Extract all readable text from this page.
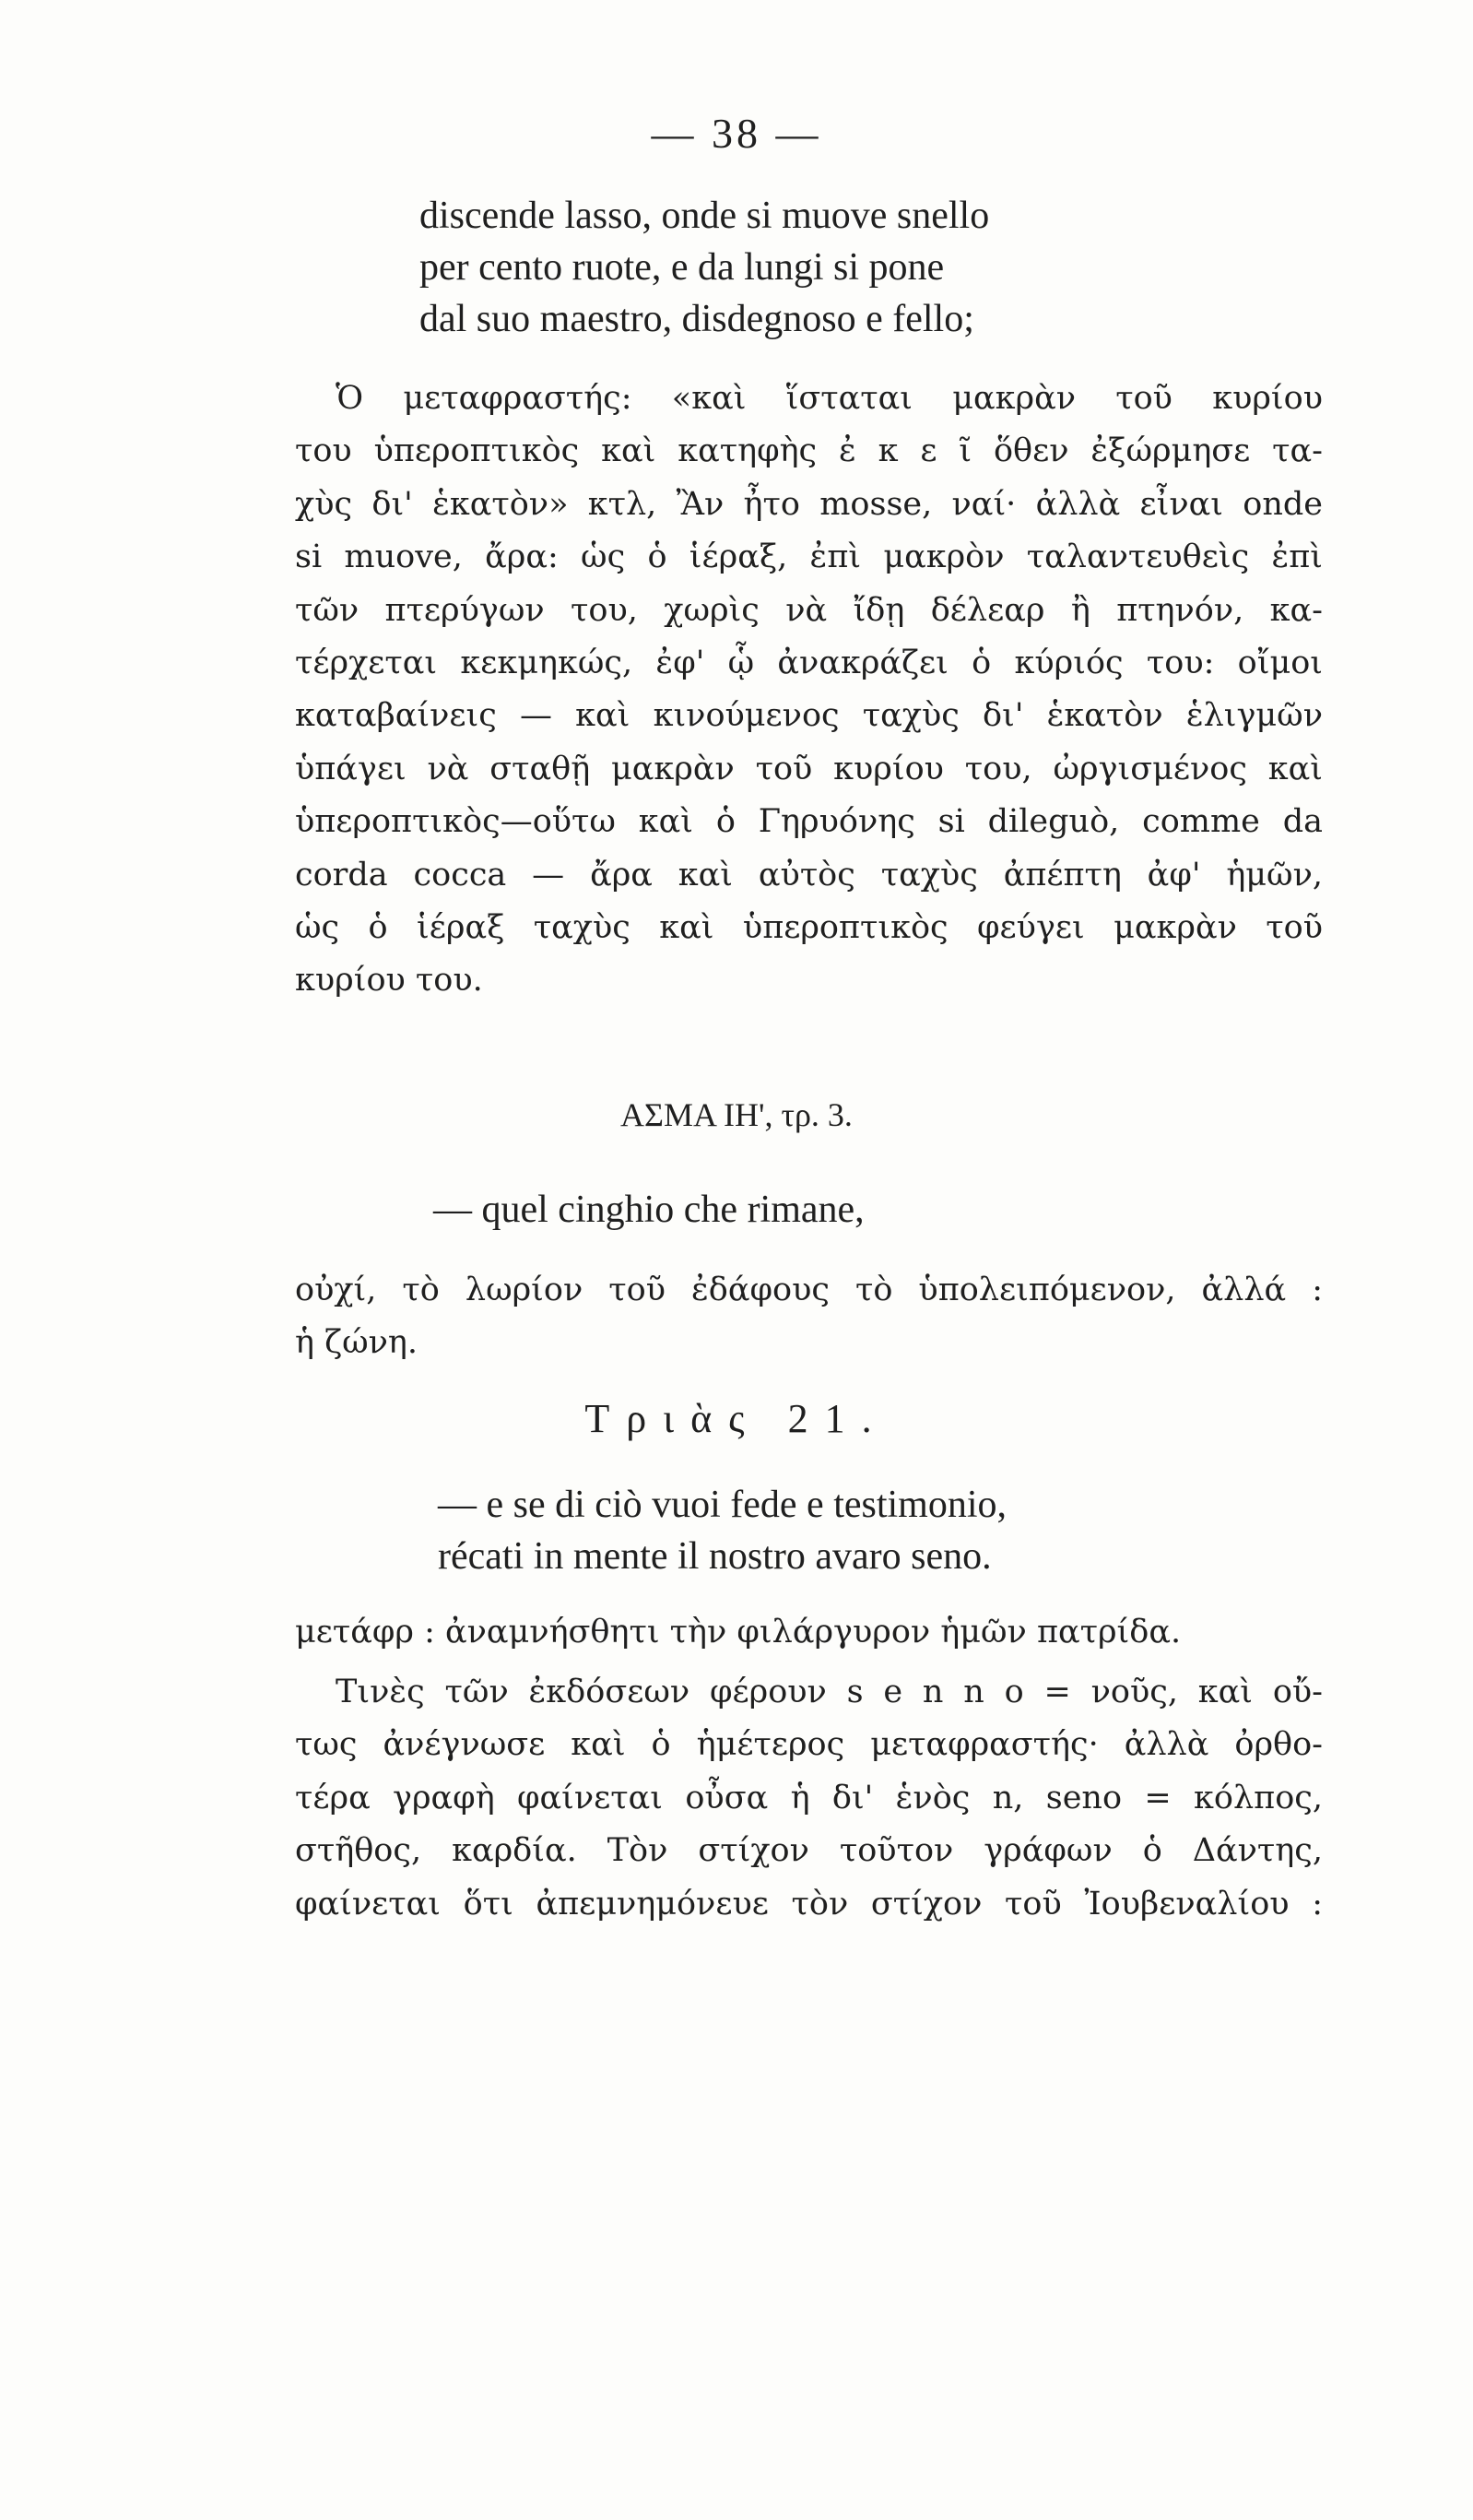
— 38 —
discende lasso, onde si muove snello
per cento ruote, e da lungi si pone
dal suo maestro, disdegnoso e fello;
Ὁ μεταφραστής: «καὶ ἵσταται μακρὰν τοῦ κυρίου
του ὑπεροπτικὸς καὶ κατηφὴς ἐ κ ε ῖ ὅθεν ἐξώρμησε τα-
χὺς δι' ἑκατὸν» κτλ, Ἂν ἦτο mosse, ναί· ἀλλὰ εἶναι onde
si muove, ἄρα: ὡς ὁ ἱέραξ, ἐπὶ μακρὸν ταλαντευθεὶς ἐπὶ
τῶν πτερύγων του, χωρὶς νὰ ἴδῃ δέλεαρ ἢ πτηνόν, κα-
τέρχεται κεκμηκώς, ἐφ' ᾧ ἀνακράζει ὁ κύριός του: οἴμοι
καταβαίνεις — καὶ κινούμενος ταχὺς δι' ἑκατὸν ἑλιγμῶν
ὑπάγει νὰ σταθῇ μακρὰν τοῦ κυρίου του, ὠργισμένος καὶ
ὑπεροπτικὸς—οὕτω καὶ ὁ Γηρυόνης si dileguò, comme da
corda cocca — ἄρα καὶ αὐτὸς ταχὺς ἀπέπτη ἀφ' ἡμῶν,
ὡς ὁ ἱέραξ ταχὺς καὶ ὑπεροπτικὸς φεύγει μακρὰν τοῦ
κυρίου του.
ΑΣΜΑ ΙΗ', τρ. 3.
— quel cinghio che rimane,
οὐχί, τὸ λωρίον τοῦ ἐδάφους τὸ ὑπολειπόμενον, ἀλλά :
ἡ ζώνη.
Τριὰς 21.
— e se di ciò vuoi fede e testimonio,
récati in mente il nostro avaro seno.
μετάφρ : ἀναμνήσθητι τὴν φιλάργυρον ἡμῶν πατρίδα.
Τινὲς τῶν ἐκδόσεων φέρουν s e n n o = νοῦς, καὶ οὔ-
τως ἀνέγνωσε καὶ ὁ ἡμέτερος μεταφραστής· ἀλλὰ ὀρθο-
τέρα γραφὴ φαίνεται οὖσα ἡ δι' ἑνὸς n, seno = κόλπος,
στῆθος, καρδία. Τὸν στίχον τοῦτον γράφων ὁ Δάντης,
φαίνεται ὅτι ἀπεμνημόνευε τὸν στίχον τοῦ Ἰουβεναλίου :
